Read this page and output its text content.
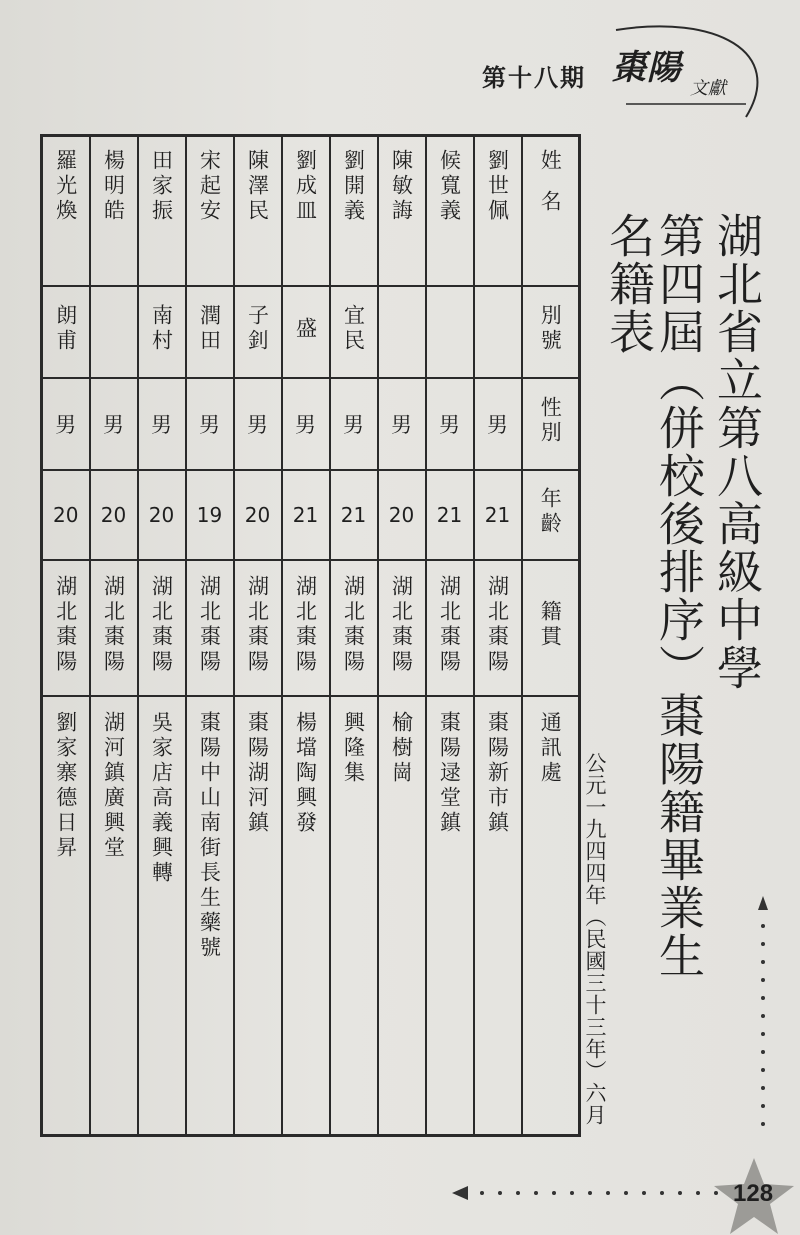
第十八期 棗陽
文獻
姓名	劉世佩	候寬義	陳敏誨	劉開義	劉成皿	陳澤民	宋起安	田家振	楊明皓	羅光煥
別號				宜民	盛	子釗	潤田	南村		朗甫
性別	男	男	男	男	男	男	男	男	男	男
年齡	21	21	20	21	21	20	19	20	20	20
籍貫	湖北棗陽	湖北棗陽	湖北棗陽	湖北棗陽	湖北棗陽	湖北棗陽	湖北棗陽	湖北棗陽	湖北棗陽	湖北棗陽
通訊處	棗陽新市鎮	棗陽逯堂鎮	榆樹崗	興隆集	楊壋陶興發	棗陽湖河鎮	棗陽中山南街長生藥號	吳家店高義興轉	湖河鎮廣興堂	劉家寨德日昇
湖北省立第八高級中學
第四屆（併校後排序）棗陽籍畢業生名籍表
公元一九四四年（民國三十三年）六月
128
